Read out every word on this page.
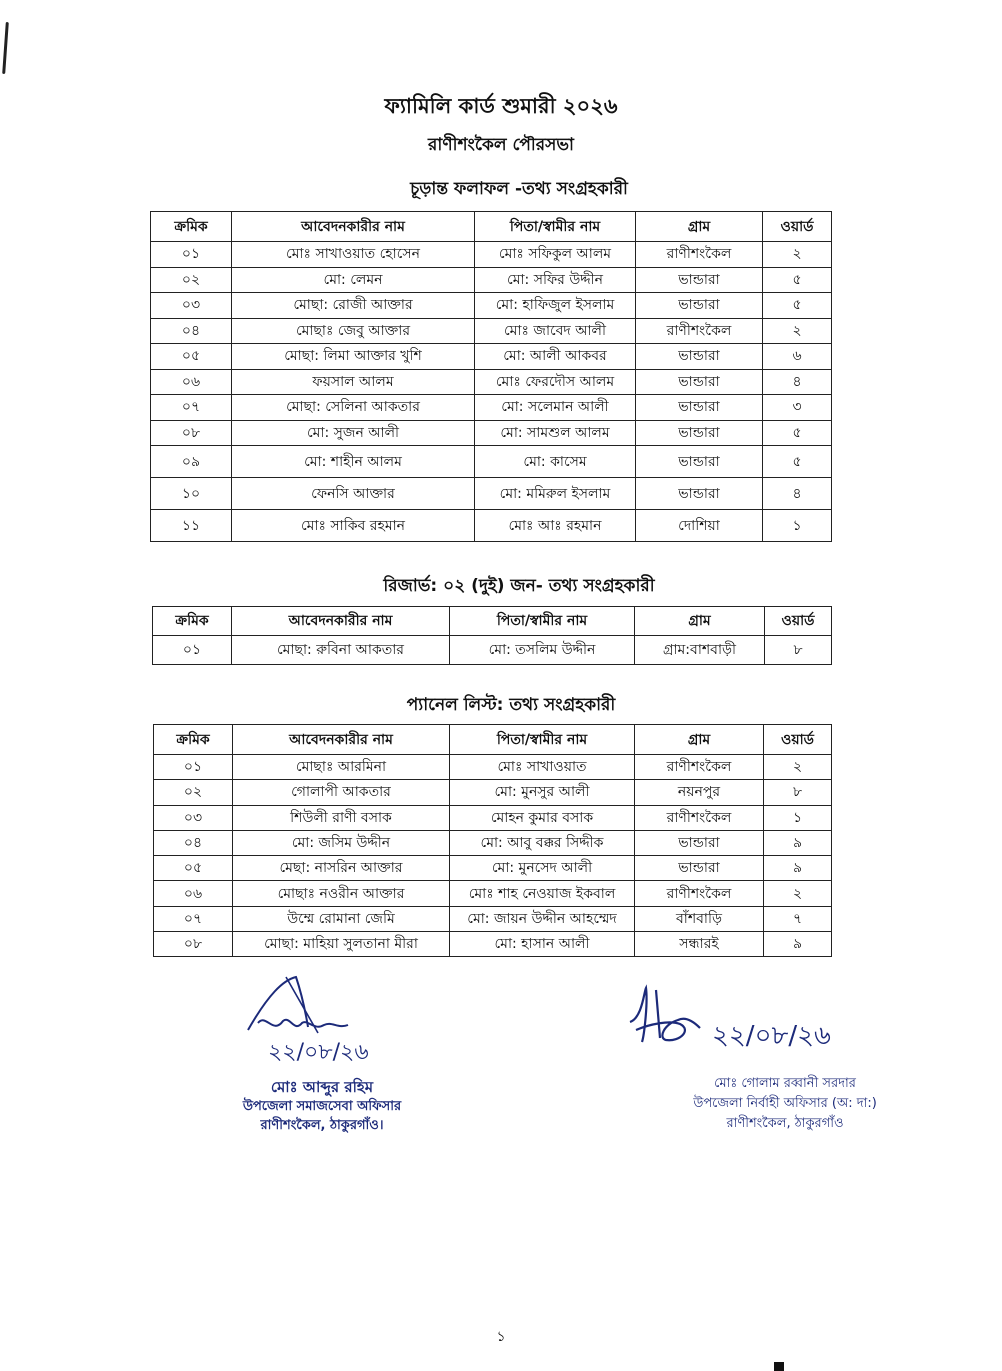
ফ্যামিলি কার্ড শুমারী ২০২৬
রাণীশংকৈল পৌরসভা
চূড়ান্ত ফলাফল -তথ্য সংগ্রহকারী
ক্রমিক	আবেদনকারীর নাম	পিতা/স্বামীর নাম	গ্রাম	ওয়ার্ড
০১	মোঃ সাখাওয়াত হোসেন	মোঃ সফিকুল আলম	রাণীশংকৈল	২
০২	মো: লেমন	মো: সফির উদ্দীন	ভান্ডারা	৫
০৩	মোছা: রোজী আক্তার	মো: হাফিজুল ইসলাম	ভান্ডারা	৫
০৪	মোছাঃ জেবু আক্তার	মোঃ জাবেদ আলী	রাণীশংকৈল	২
০৫	মোছা: লিমা আক্তার খুশি	মো: আলী আকবর	ভান্ডারা	৬
০৬	ফয়সাল আলম	মোঃ ফেরদৌস আলম	ভান্ডারা	৪
০৭	মোছা: সেলিনা আকতার	মো: সলেমান আলী	ভান্ডারা	৩
০৮	মো: সুজন আলী	মো: সামশুল আলম	ভান্ডারা	৫
০৯	মো: শাহীন আলম	মো: কাসেম	ভান্ডারা	৫
১০	ফেনসি আক্তার	মো: মমিরুল ইসলাম	ভান্ডারা	৪
১১	মোঃ সাকিব রহমান	মোঃ আঃ রহমান	দোশিয়া	১
রিজার্ভ: ০২ (দুই) জন- তথ্য সংগ্রহকারী
ক্রমিক	আবেদনকারীর নাম	পিতা/স্বামীর নাম	গ্রাম	ওয়ার্ড
০১	মোছা: রুবিনা আকতার	মো: তসলিম উদ্দীন	গ্রাম:বাশবাড়ী	৮
প্যানেল লিস্ট: তথ্য সংগ্রহকারী
ক্রমিক	আবেদনকারীর নাম	পিতা/স্বামীর নাম	গ্রাম	ওয়ার্ড
০১	মোছাঃ আরমিনা	মোঃ সাখাওয়াত	রাণীশংকৈল	২
০২	গোলাপী আকতার	মো: মুনসুর আলী	নয়নপুর	৮
০৩	শিউলী রাণী বসাক	মোহন কুমার বসাক	রাণীশংকৈল	১
০৪	মো: জসিম উদ্দীন	মো: আবু বক্কর সিদ্দীক	ভান্ডারা	৯
০৫	মেছা: নাসরিন আক্তার	মো: মুনসেদ আলী	ভান্ডারা	৯
০৬	মোছাঃ নওরীন আক্তার	মোঃ শাহ নেওয়াজ ইকবাল	রাণীশংকৈল	২
০৭	উম্মে রোমানা জেমি	মো: জায়ন উদ্দীন আহম্মেদ	বাঁশবাড়ি	৭
০৮	মোছা: মাহিয়া সুলতানা মীরা	মো: হাসান আলী	সন্ধারই	৯
২২/০৮/২৬
মোঃ আব্দুর রহিম
উপজেলা সমাজসেবা অফিসার
রাণীশংকৈল, ঠাকুরগাঁও।
২২/০৮/২৬
মোঃ গোলাম রব্বানী সরদার
উপজেলা নির্বাহী অফিসার (অ: দা:)
রাণীশংকৈল, ঠাকুরগাঁও
১
